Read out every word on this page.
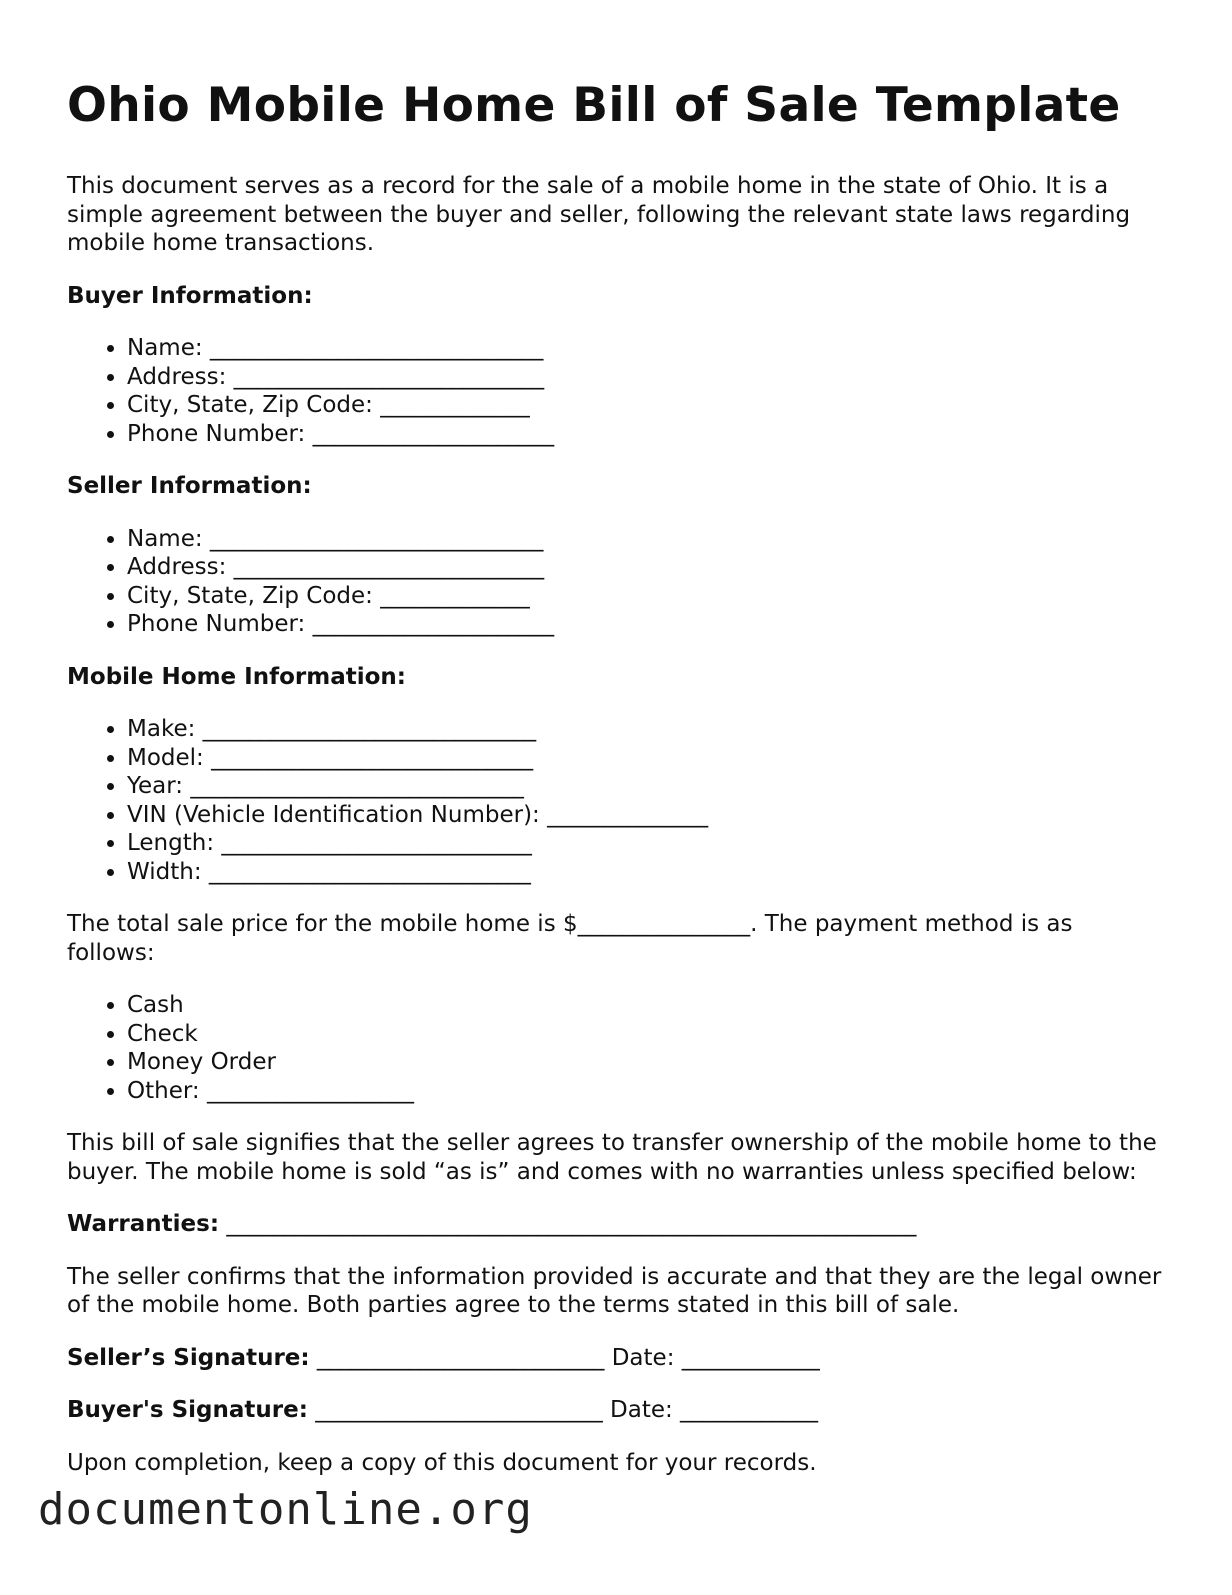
Ohio Mobile Home Bill of Sale Template

This document serves as a record for the sale of a mobile home in the state of Ohio. It is a simple agreement between the buyer and seller, following the relevant state laws regarding mobile home transactions.

Buyer Information:
• Name: _____________________________
• Address: ___________________________
• City, State, Zip Code: _____________
• Phone Number: _____________________
Seller Information:
• Name: _____________________________
• Address: ___________________________
• City, State, Zip Code: _____________
• Phone Number: _____________________
Mobile Home Information:
• Make: _____________________________
• Model: ____________________________
• Year: _____________________________
• VIN (Vehicle Identification Number): ______________
• Length: ___________________________
• Width: ____________________________

The total sale price for the mobile home is $_______________. The payment method is as follows:

• Cash
• Check
• Money Order
• Other: __________________

This bill of sale signifies that the seller agrees to transfer ownership of the mobile home to the buyer. The mobile home is sold “as is” and comes with no warranties unless specified below:

Warranties: ____________________________________________________________

The seller confirms that the information provided is accurate and that they are the legal owner of the mobile home. Both parties agree to the terms stated in this bill of sale.

Seller’s Signature: _________________________ Date: ____________
Buyer's Signature: _________________________ Date: ____________

Upon completion, keep a copy of this document for your records.

documentonline.org
